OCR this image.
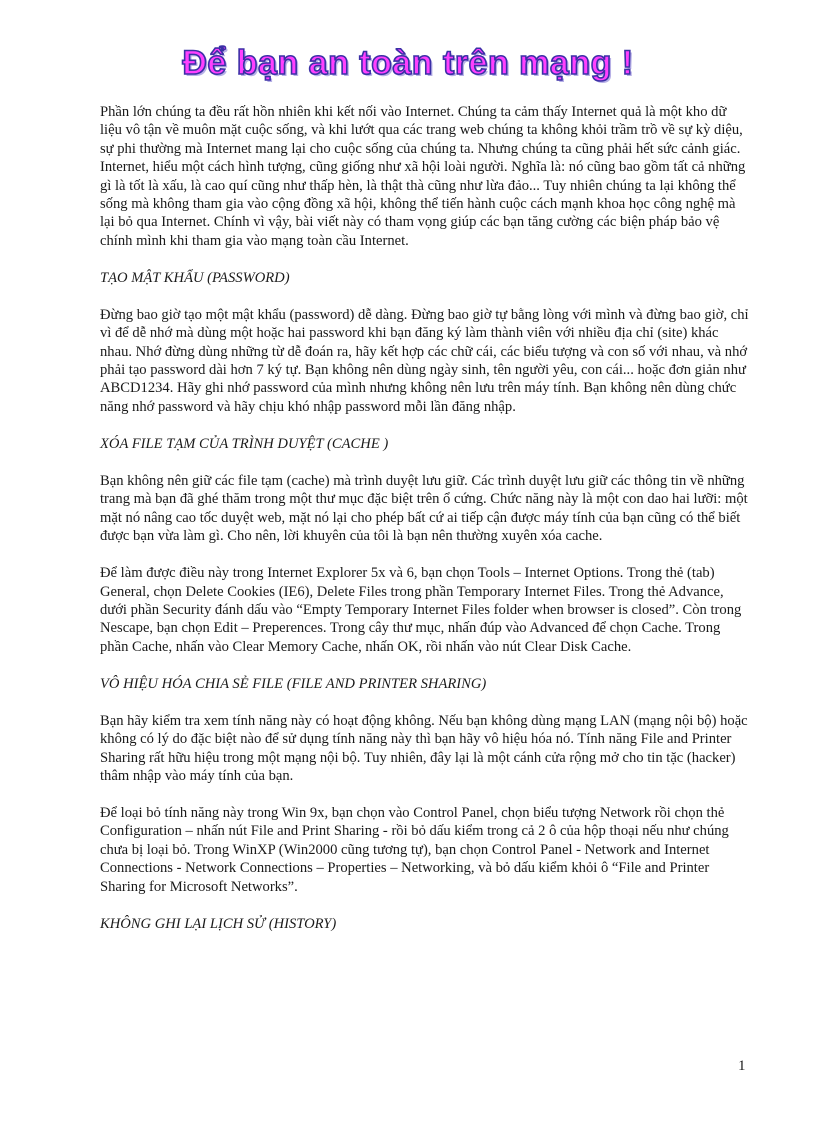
Để bạn an toàn trên mạng !

Phần lớn chúng ta đều rất hồn nhiên khi kết nối vào Internet. Chúng ta cảm thấy Internet quả là một kho dữ liệu vô tận về muôn mặt cuộc sống, và khi lướt qua các trang web chúng ta không khỏi trầm trồ về sự kỳ diệu, sự phi thường mà Internet mang lại cho cuộc sống của chúng ta. Nhưng chúng ta cũng phải hết sức cảnh giác. Internet, hiểu một cách hình tượng, cũng giống như xã hội loài người. Nghĩa là: nó cũng bao gồm tất cả những gì là tốt là xấu, là cao quí cũng như thấp hèn, là thật thà cũng như lừa đảo... Tuy nhiên chúng ta lại không thể sống mà không tham gia vào cộng đồng xã hội, không thể tiến hành cuộc cách mạnh khoa học công nghệ mà lại bỏ qua Internet. Chính vì vậy, bài viết này có tham vọng giúp các bạn tăng cường các biện pháp bảo vệ chính mình khi tham gia vào mạng toàn cầu Internet.

TẠO MẬT KHẨU (PASSWORD)

Đừng bao giờ tạo một mật khẩu (password) dễ dàng. Đừng bao giờ tự bằng lòng với mình và đừng bao giờ, chỉ vì để dễ nhớ mà dùng một hoặc hai password khi bạn đăng ký làm thành viên với nhiều địa chỉ (site) khác nhau. Nhớ đừng dùng những từ dễ đoán ra, hãy kết hợp các chữ cái, các biểu tượng và con số với nhau, và nhớ phải tạo password dài hơn 7 ký tự. Bạn không nên dùng ngày sinh, tên người yêu, con cái... hoặc đơn giản như ABCD1234. Hãy ghi nhớ password của mình nhưng không nên lưu trên máy tính. Bạn không nên dùng chức năng nhớ password và hãy chịu khó nhập password mỗi lần đăng nhập.

XÓA FILE TẠM CỦA TRÌNH DUYỆT (CACHE )

Bạn không nên giữ các file tạm (cache) mà trình duyệt lưu giữ. Các trình duyệt lưu giữ các thông tin về những trang mà bạn đã ghé thăm trong một thư mục đặc biệt trên ổ cứng. Chức năng này là một con dao hai lưỡi: một mặt nó nâng cao tốc duyệt web, mặt nó lại cho phép bất cứ ai tiếp cận được máy tính của bạn cũng có thể biết được bạn vừa làm gì. Cho nên, lời khuyên của tôi là bạn nên thường xuyên xóa cache.

Để làm được điều này trong Internet Explorer 5x và 6, bạn chọn Tools – Internet Options. Trong thẻ (tab) General, chọn Delete Cookies (IE6), Delete Files trong phần Temporary Internet Files. Trong thẻ Advance, dưới phần Security đánh dấu vào “Empty Temporary Internet Files folder when browser is closed”. Còn trong Nescape, bạn chọn Edit – Preperences. Trong cây thư mục, nhấn đúp vào Advanced để chọn Cache. Trong phần Cache, nhấn vào Clear Memory Cache, nhấn OK, rồi nhấn vào nút Clear Disk Cache.

VÔ HIỆU HÓA CHIA SẺ FILE (FILE AND PRINTER SHARING)

Bạn hãy kiểm tra xem tính năng này có hoạt động không. Nếu bạn không dùng mạng LAN (mạng nội bộ) hoặc không có lý do đặc biệt nào để sử dụng tính năng này thì bạn hãy vô hiệu hóa nó. Tính năng File and Printer Sharing rất hữu hiệu trong một mạng nội bộ. Tuy nhiên, đây lại là một cánh cửa rộng mở cho tin tặc (hacker) thâm nhập vào máy tính của bạn.

Để loại bỏ tính năng này trong Win 9x, bạn chọn vào Control Panel, chọn biểu tượng Network rồi chọn thẻ Configuration – nhấn nút File and Print Sharing - rồi bỏ dấu kiểm trong cả 2 ô của hộp thoại nếu như chúng chưa bị loại bỏ. Trong WinXP (Win2000 cũng tương tự), bạn chọn Control Panel - Network and Internet Connections - Network Connections – Properties – Networking, và bỏ dấu kiểm khỏi ô “File and Printer Sharing for Microsoft Networks”.

KHÔNG GHI LẠI LỊCH SỬ (HISTORY)

1
